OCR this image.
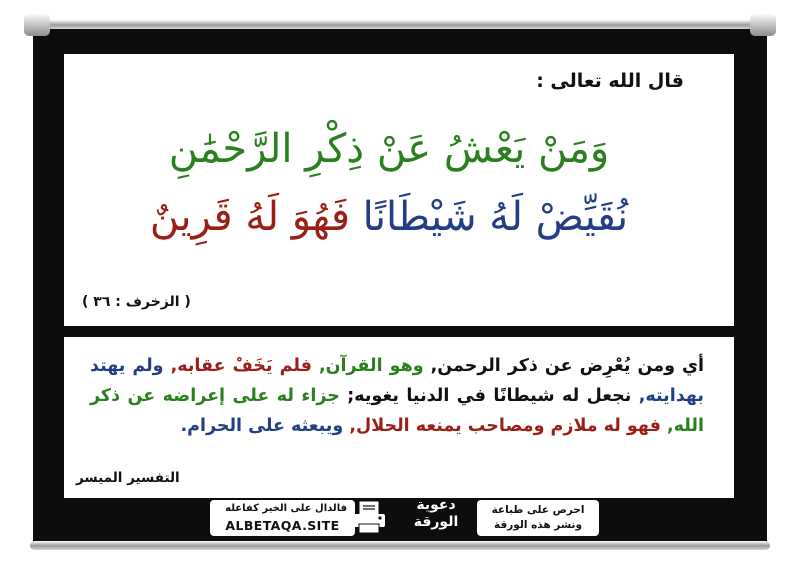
قال الله تعالى :
وَمَنْ يَعْشُ عَنْ ذِكْرِ الرَّحْمَٰنِ
نُقَيِّضْ لَهُ شَيْطَانًا فَهُوَ لَهُ قَرِينٌ
( الزخرف : ٣٦ )
أي ومن يُعْرِض عن ذكر الرحمن, وهو القرآن, فلم يَخَفْ عقابه, ولم يهتد بهدايته, نجعل له شيطانًا في الدنيا يغويه; جزاء له على إعراضه عن ذكر الله, فهو له ملازم ومصاحب يمنعه الحلال, ويبعثه على الحرام.
التفسير الميسر
فالدال على الخير كفاعله
ALBETAQA.SITE
دعوية
الورقة
احرص على طباعة
ونشر هذه الورقة
